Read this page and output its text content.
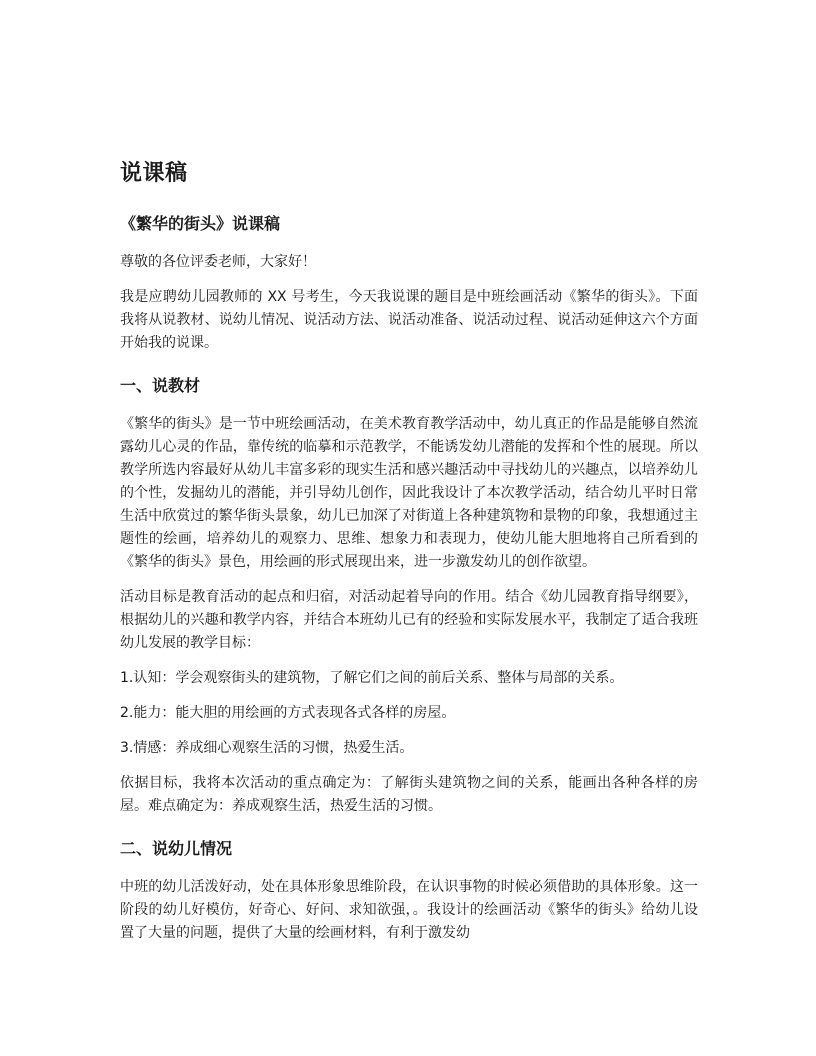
说课稿
《繁华的街头》说课稿

尊敬的各位评委老师，大家好！

我是应聘幼儿园教师的 XX 号考生，今天我说课的题目是中班绘画活动《繁华的街头》。下面我将从说教材、说幼儿情况、说活动方法、说活动准备、说活动过程、说活动延伸这六个方面开始我的说课。

一、说教材

《繁华的街头》是一节中班绘画活动，在美术教育教学活动中，幼儿真正的作品是能够自然流露幼儿心灵的作品，靠传统的临摹和示范教学，不能诱发幼儿潜能的发挥和个性的展现。所以教学所选内容最好从幼儿丰富多彩的现实生活和感兴趣活动中寻找幼儿的兴趣点，以培养幼儿的个性，发掘幼儿的潜能，并引导幼儿创作，因此我设计了本次教学活动，结合幼儿平时日常生活中欣赏过的繁华街头景象，幼儿已加深了对街道上各种建筑物和景物的印象，我想通过主题性的绘画，培养幼儿的观察力、思维、想象力和表现力，使幼儿能大胆地将自己所看到的《繁华的街头》景色，用绘画的形式展现出来，进一步激发幼儿的创作欲望。

活动目标是教育活动的起点和归宿，对活动起着导向的作用。结合《幼儿园教育指导纲要》，根据幼儿的兴趣和教学内容，并结合本班幼儿已有的经验和实际发展水平，我制定了适合我班幼儿发展的教学目标：

1.认知：学会观察街头的建筑物，了解它们之间的前后关系、整体与局部的关系。

2.能力：能大胆的用绘画的方式表现各式各样的房屋。

3.情感：养成细心观察生活的习惯，热爱生活。

依据目标，我将本次活动的重点确定为：了解街头建筑物之间的关系，能画出各种各样的房屋。难点确定为：养成观察生活，热爱生活的习惯。

二、说幼儿情况

中班的幼儿活泼好动，处在具体形象思维阶段，在认识事物的时候必须借助的具体形象。这一阶段的幼儿好模仿，好奇心、好问、求知欲强，。我设计的绘画活动《繁华的街头》给幼儿设置了大量的问题，提供了大量的绘画材料，有利于激发幼
